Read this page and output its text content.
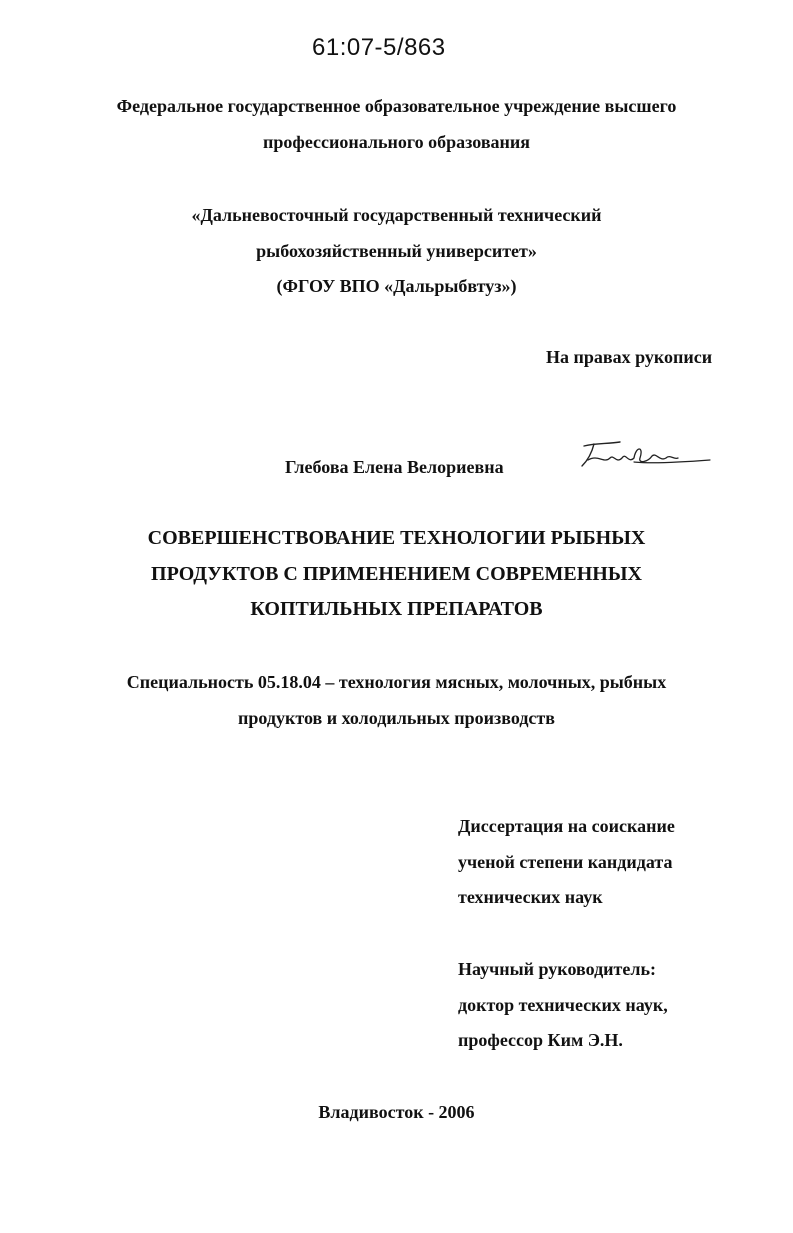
61:07-5/863
Федеральное государственное образовательное учреждение высшего
профессионального образования
«Дальневосточный государственный технический
рыбохозяйственный университет»
(ФГОУ ВПО «Дальрыбвтуз»)
На правах рукописи
Глебова Елена Велориевна
СОВЕРШЕНСТВОВАНИЕ ТЕХНОЛОГИИ РЫБНЫХ
ПРОДУКТОВ С ПРИМЕНЕНИЕМ СОВРЕМЕННЫХ
КОПТИЛЬНЫХ ПРЕПАРАТОВ
Специальность 05.18.04 – технология мясных, молочных, рыбных
продуктов и холодильных производств
Диссертация на соискание
ученой степени кандидата
технических наук
Научный руководитель:
доктор технических наук,
профессор Ким Э.Н.
Владивосток - 2006
